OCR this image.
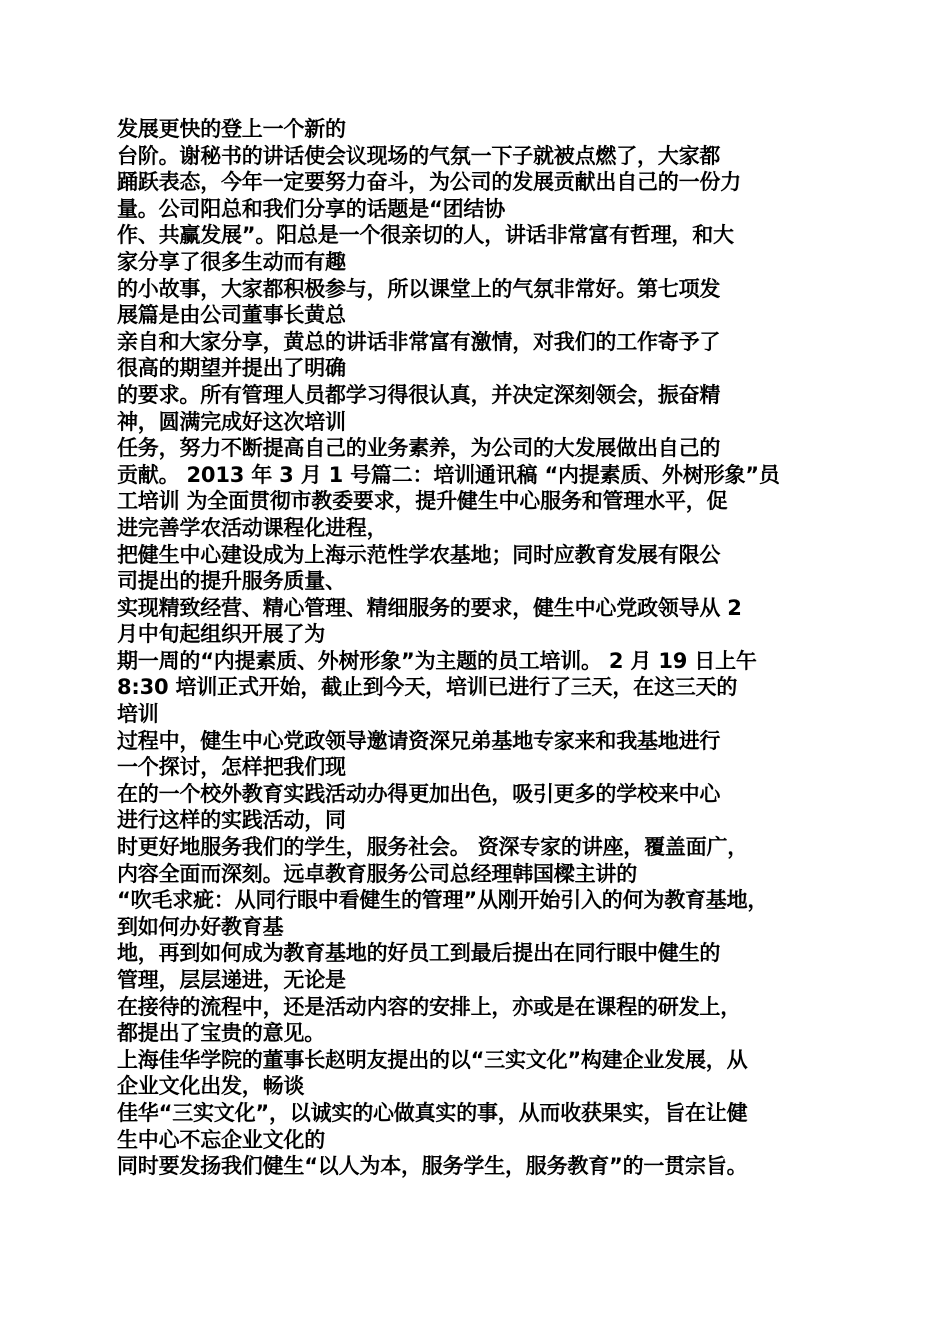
发展更快的登上一个新的
台阶。谢秘书的讲话使会议现场的气氛一下子就被点燃了，大家都
踊跃表态，今年一定要努力奋斗，为公司的发展贡献出自己的一份力
量。公司阳总和我们分享的话题是“团结协
作、共赢发展”。阳总是一个很亲切的人，讲话非常富有哲理，和大
家分享了很多生动而有趣
的小故事，大家都积极参与，所以课堂上的气氛非常好。第七项发
展篇是由公司董事长黄总
亲自和大家分享，黄总的讲话非常富有激情，对我们的工作寄予了
很高的期望并提出了明确
的要求。所有管理人员都学习得很认真，并决定深刻领会，振奋精
神，圆满完成好这次培训
任务，努力不断提高自己的业务素养，为公司的大发展做出自己的
贡献。 2013 年 3 月 1 号篇二：培训通讯稿 “内提素质、外树形象”员
工培训 为全面贯彻市教委要求，提升健生中心服务和管理水平，促
进完善学农活动课程化进程，
把健生中心建设成为上海示范性学农基地；同时应教育发展有限公
司提出的提升服务质量、
实现精致经营、精心管理、精细服务的要求，健生中心党政领导从 2
月中旬起组织开展了为
期一周的“内提素质、外树形象”为主题的员工培训。 2 月 19 日上午
8:30 培训正式开始，截止到今天，培训已进行了三天，在这三天的
培训
过程中，健生中心党政领导邀请资深兄弟基地专家来和我基地进行
一个探讨，怎样把我们现
在的一个校外教育实践活动办得更加出色，吸引更多的学校来中心
进行这样的实践活动，同
时更好地服务我们的学生，服务社会。 资深专家的讲座，覆盖面广，
内容全面而深刻。远卓教育服务公司总经理韩国樑主讲的
“吹毛求疵：从同行眼中看健生的管理”从刚开始引入的何为教育基地，
到如何办好教育基
地，再到如何成为教育基地的好员工到最后提出在同行眼中健生的
管理，层层递进，无论是
在接待的流程中，还是活动内容的安排上，亦或是在课程的研发上，
都提出了宝贵的意见。
上海佳华学院的董事长赵明友提出的以“三实文化”构建企业发展，从
企业文化出发，畅谈
佳华“三实文化”，以诚实的心做真实的事，从而收获果实，旨在让健
生中心不忘企业文化的
同时要发扬我们健生“以人为本，服务学生，服务教育”的一贯宗旨。
